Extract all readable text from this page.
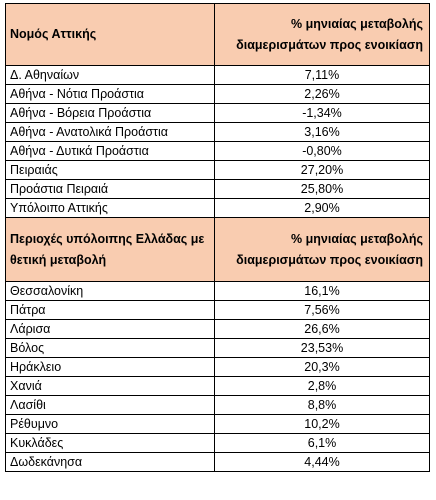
Νομός Αττικής	% μηνιαίας μεταβολής διαμερισμάτων προς ενοικίαση
Δ. Αθηναίων	7,11%
Αθήνα - Νότια Προάστια	2,26%
Αθήνα - Βόρεια Προάστια	-1,34%
Αθήνα - Ανατολικά Προάστια	3,16%
Αθήνα - Δυτικά Προάστια	-0,80%
Πειραιάς	27,20%
Προάστια Πειραιά	25,80%
Υπόλοιπο Αττικής	2,90%
Περιοχές υπόλοιπης Ελλάδας με θετική μεταβολή	% μηνιαίας μεταβολής διαμερισμάτων προς ενοικίαση
Θεσσαλονίκη	16,1%
Πάτρα	7,56%
Λάρισα	26,6%
Βόλος	23,53%
Ηράκλειο	20,3%
Χανιά	2,8%
Λασίθι	8,8%
Ρέθυμνο	10,2%
Κυκλάδες	6,1%
Δωδεκάνησα	4,44%
